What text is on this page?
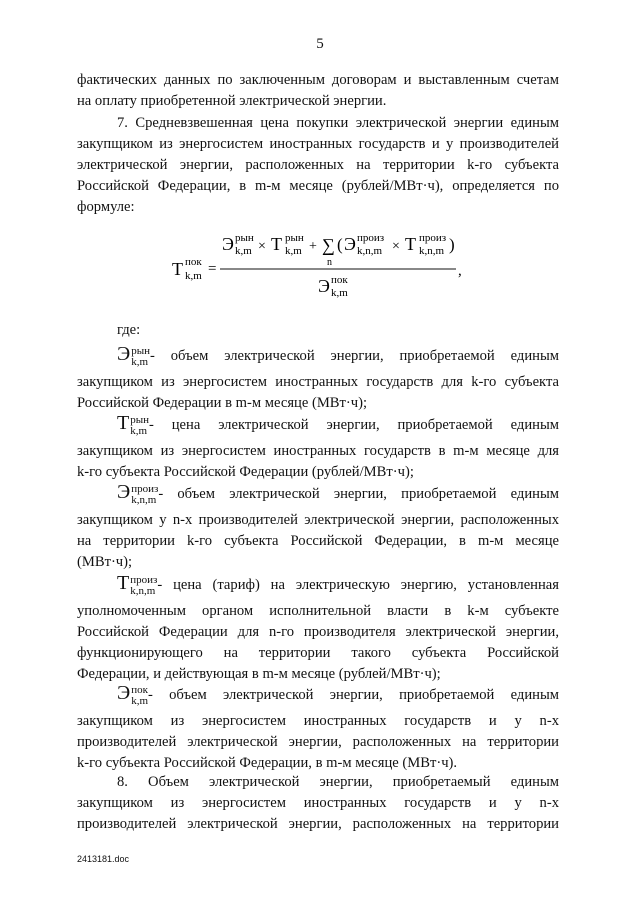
5
фактических данных по заключенным договорам и выставленным счетам
на оплату приобретенной электрической энергии.
7. Средневзвешенная цена покупки электрической энергии единым
закупщиком из энергосистем иностранных государств и у производителей
электрической энергии, расположенных на территории k-го субъекта
Российской Федерации, в m-м месяце (рублей/МВт·ч), определяется по
формуле:
Т пок
k,m =
Э рын
k,m × Т рын
k,m + ∑
n
( Э произ
k,n,m × Т произ
k,n,m )
Э пок
k,m
,
где:
Э рын
k,m - объем электрической энергии, приобретаемой единым
закупщиком из энергосистем иностранных государств для k-го субъекта
Российской Федерации в m-м месяце (МВт·ч);
Т рын
k,m - цена электрической энергии, приобретаемой единым
закупщиком из энергосистем иностранных государств в m-м месяце для
k-го субъекта Российской Федерации (рублей/МВт·ч);
Э произ
k,n,m - объем электрической энергии, приобретаемой единым
закупщиком у n-х производителей электрической энергии, расположенных
на территории k-го субъекта Российской Федерации, в m-м месяце
(МВт·ч);
Т произ
k,n,m - цена (тариф) на электрическую энергию, установленная
уполномоченным органом исполнительной власти в k-м субъекте
Российской Федерации для n-го производителя электрической энергии,
функционирующего на территории такого субъекта Российской
Федерации, и действующая в m-м месяце (рублей/МВт·ч);
Э пок
k,m - объем электрической энергии, приобретаемой единым
закупщиком из энергосистем иностранных государств и у n-х
производителей электрической энергии, расположенных на территории
k-го субъекта Российской Федерации, в m-м месяце (МВт·ч).
8. Объем электрической энергии, приобретаемый единым
закупщиком из энергосистем иностранных государств и у n-х
производителей электрической энергии, расположенных на территории
2413181.doc
